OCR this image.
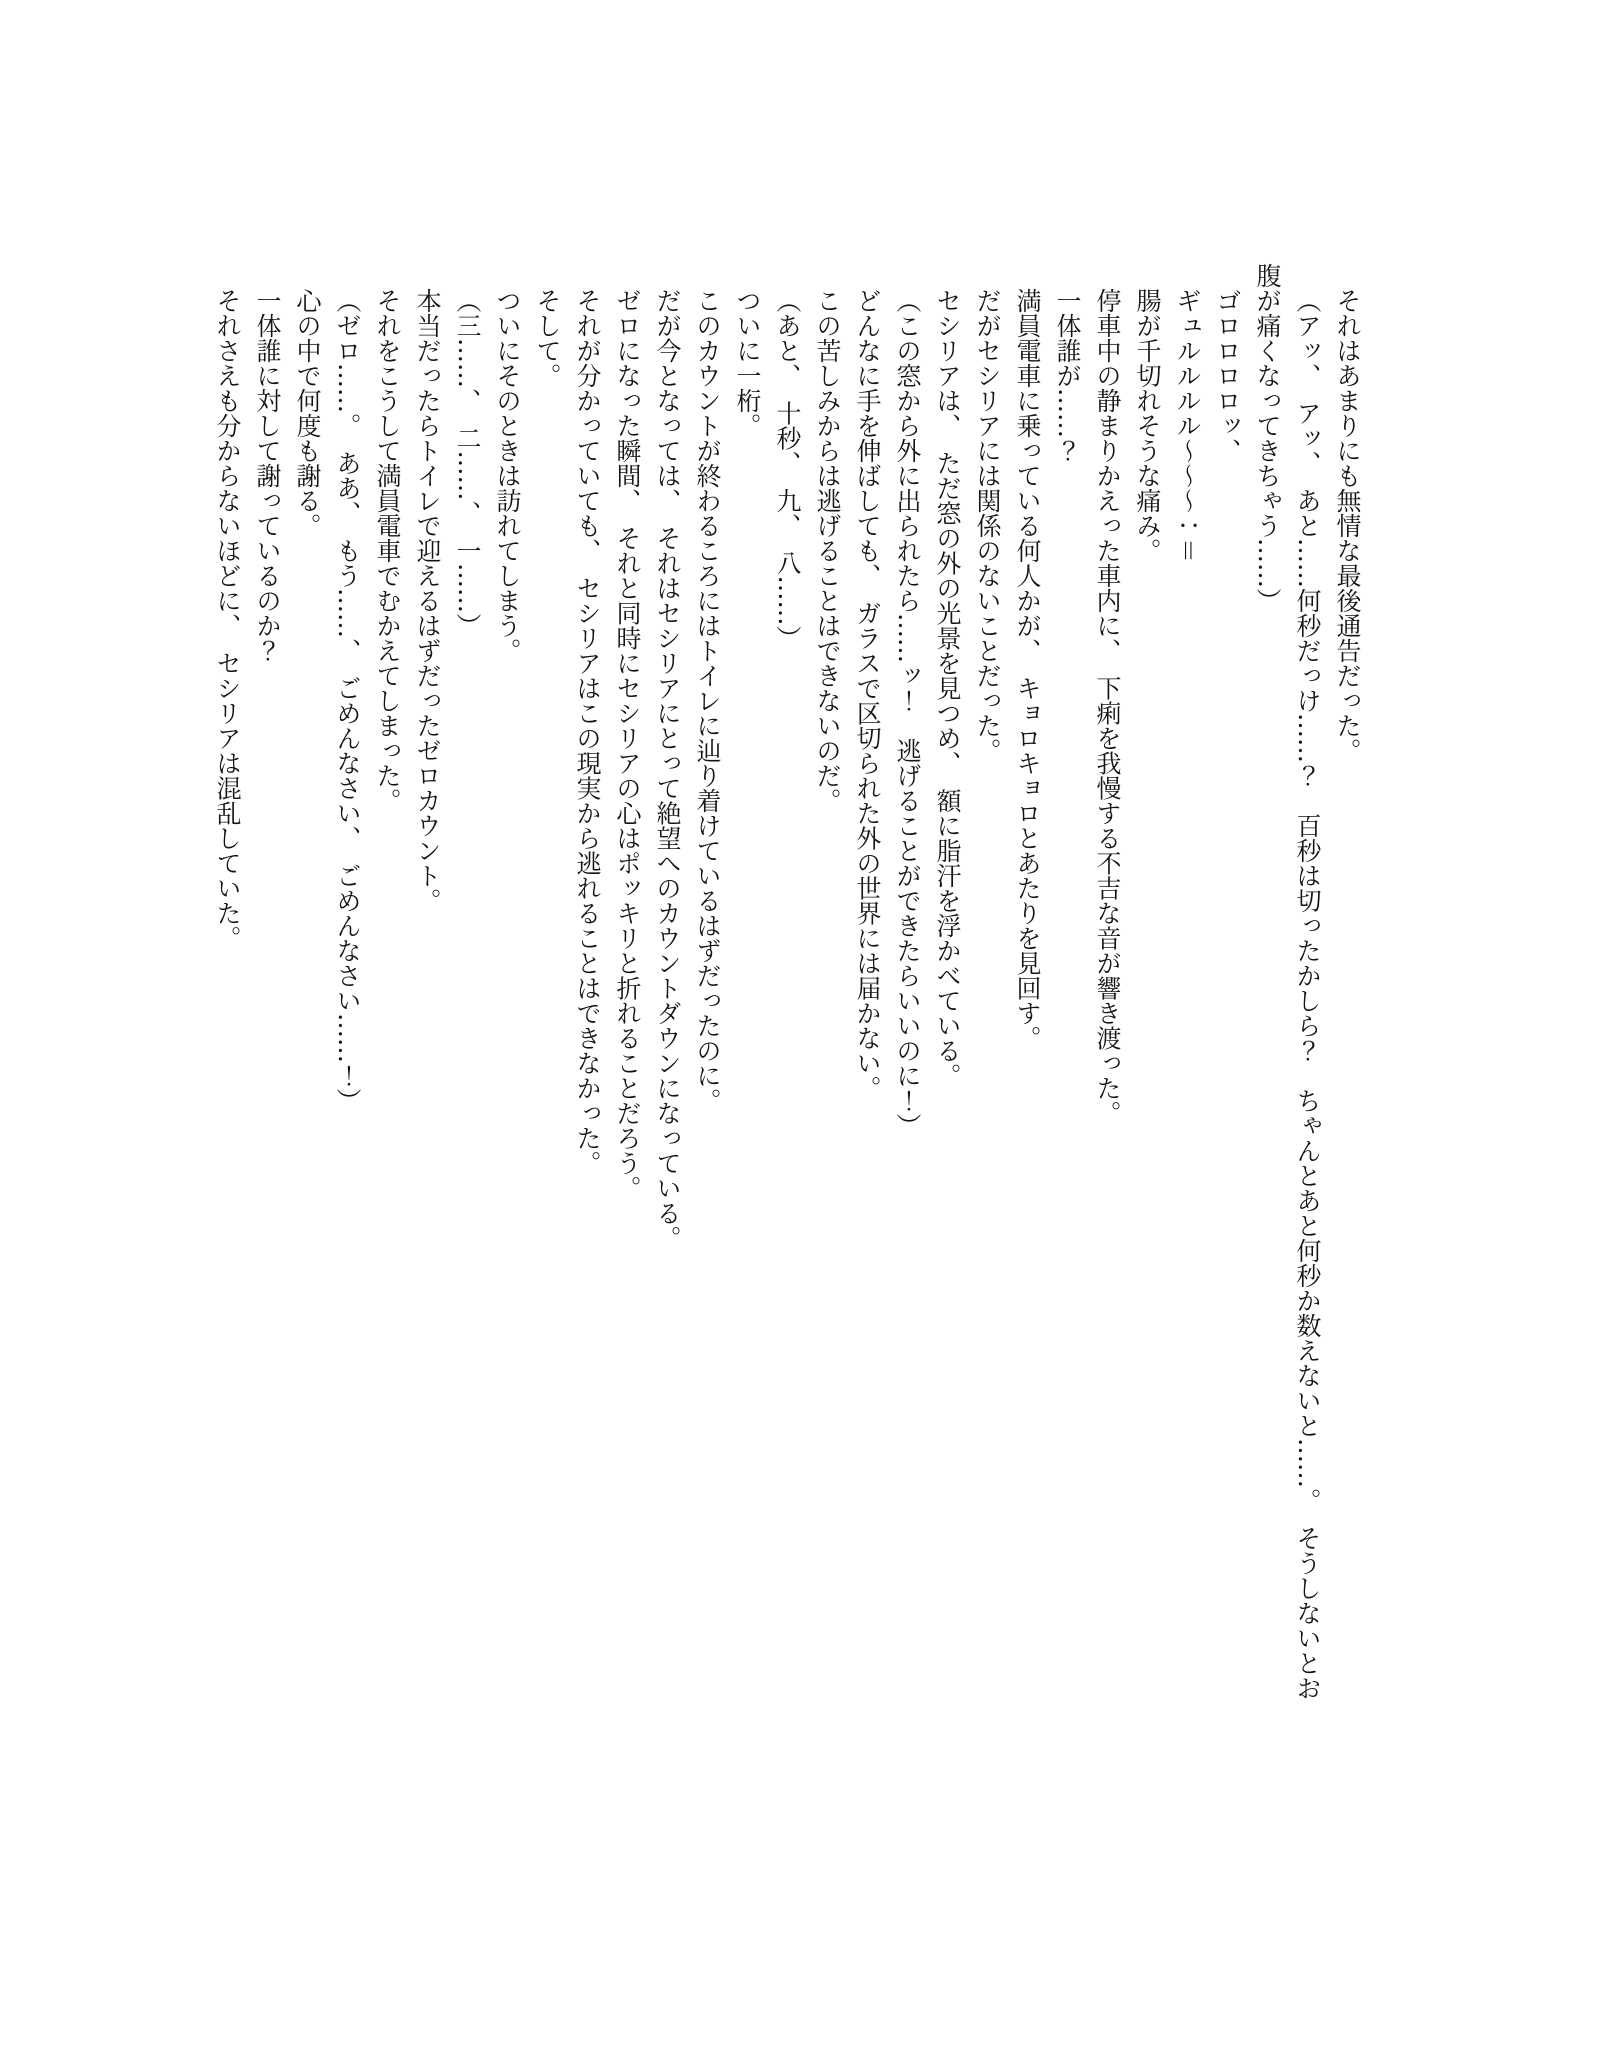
それはあまりにも無情な最後通告だった。

（アッ、　アッ、　あと……何秒だっけ……？　百秒は切ったかしら？　ちゃんとあと何秒か数えないと……。　そうしないとお

腹が痛くなってきちゃう……）

ゴロロロロッ、

ギュルルルル～～～：＝

腸が千切れそうな痛み。

停車中の静まりかえった車内に、　下痢を我慢する不吉な音が響き渡った。

一体誰が……？

満員電車に乗っている何人かが、　キョロキョロとあたりを見回す。

だがセシリアには関係のないことだった。

セシリアは、　ただ窓の外の光景を見つめ、　額に脂汗を浮かべている。

（この窓から外に出られたら……ッ！　逃げることができたらいいのに！）

どんなに手を伸ばしても、　ガラスで区切られた外の世界には届かない。

この苦しみからは逃げることはできないのだ。

（あと、　十秒、　九、　八……）

ついに一桁。

このカウントが終わるころにはトイレに辿り着けているはずだったのに。

だが今となっては、　それはセシリアにとって絶望へのカウントダウンになっている。

ゼロになった瞬間、　それと同時にセシリアの心はポッキリと折れることだろう。

それが分かっていても、　セシリアはこの現実から逃れることはできなかった。

そして。

ついにそのときは訪れてしまう。

（三……、　二……、　一……）

本当だったらトイレで迎えるはずだったゼロカウント。

それをこうして満員電車でむかえてしまった。

（ゼロ……。　ああ、　もう……、　ごめんなさい、　ごめんなさい……！）

心の中で何度も謝る。

一体誰に対して謝っているのか？

それさえも分からないほどに、　セシリアは混乱していた。
